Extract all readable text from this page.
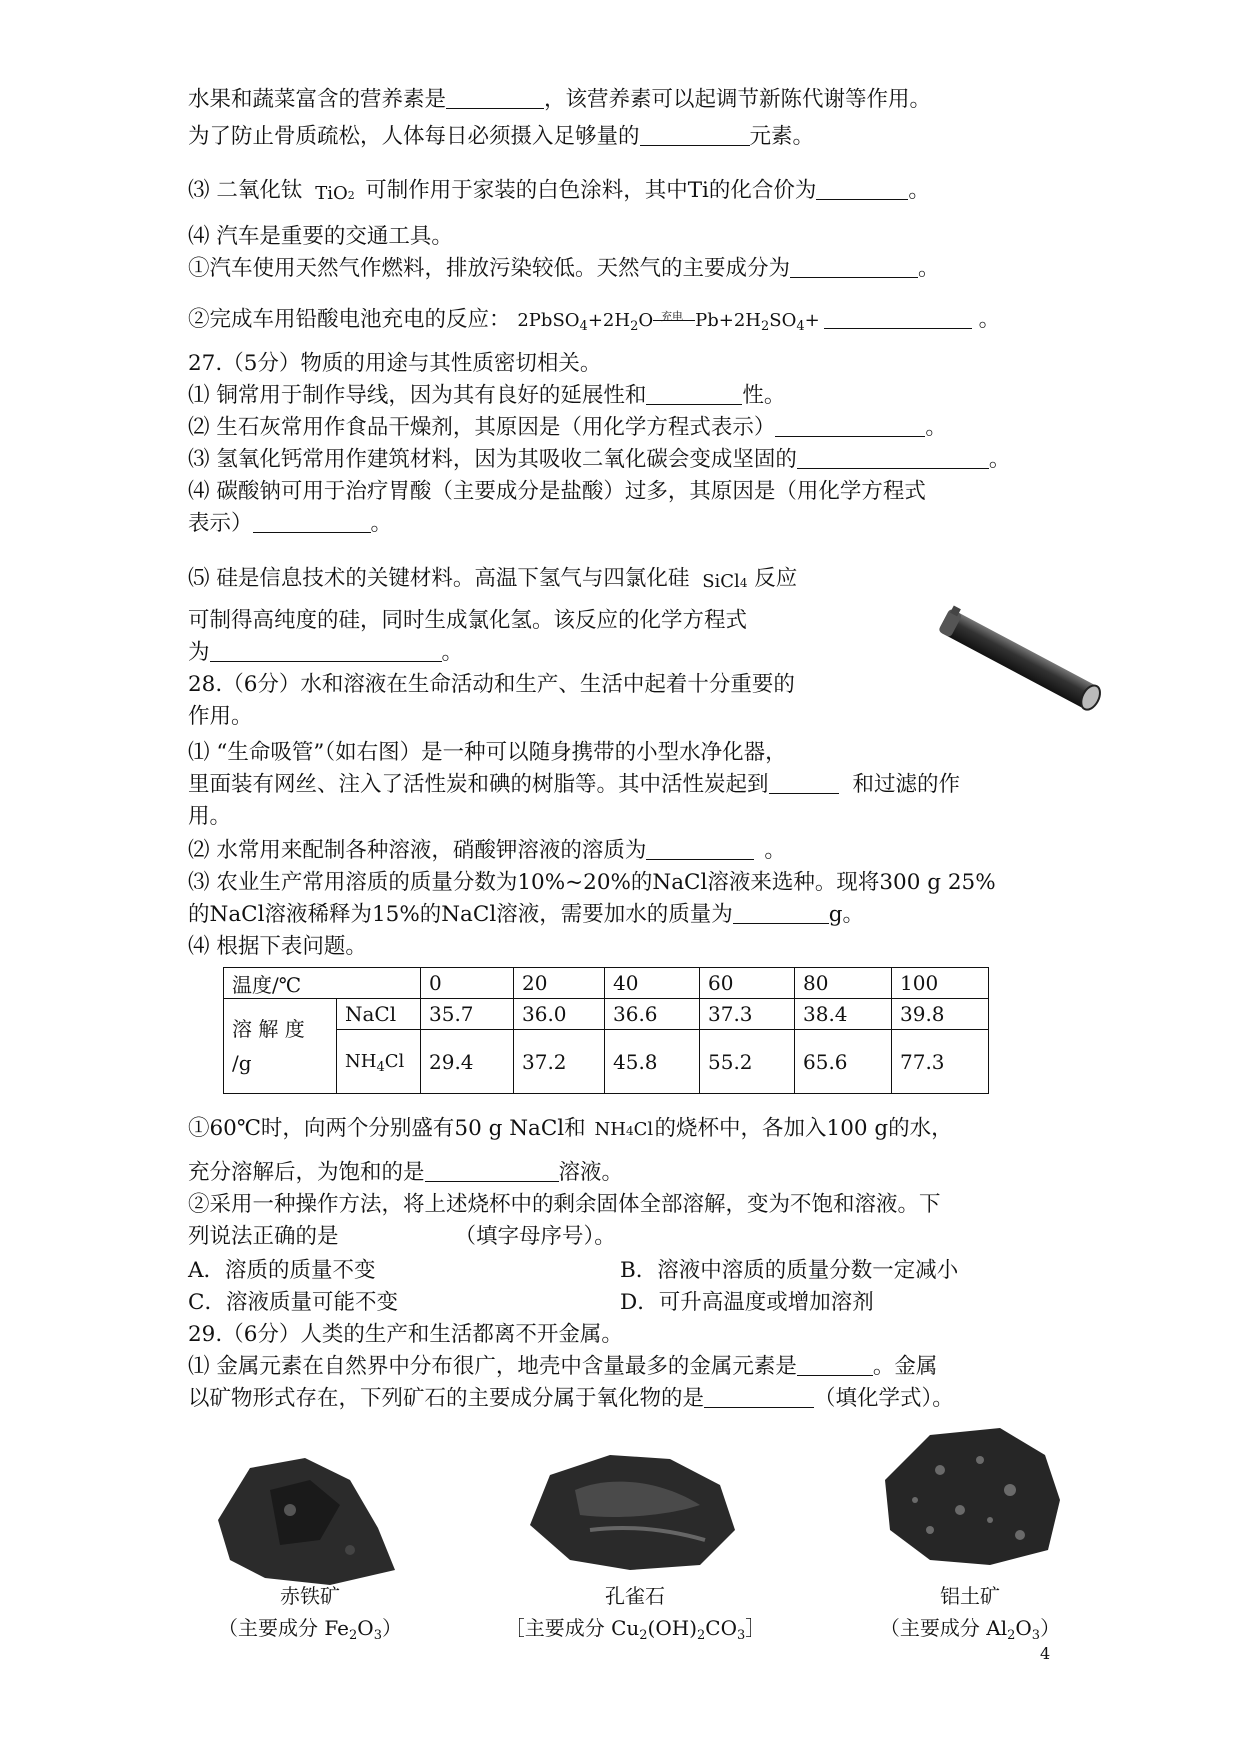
水果和蔬菜富含的营养素是	，该营养素可以起调节新陈代谢等作用。
为了防止骨质疏松，人体每日必须摄入足够量的	元素。
⑶ 二氧化钛 TiO2 可制作用于家装的白色涂料，其中Ti的化合价为	。
⑷ 汽车是重要的交通工具。
①汽车使用天然气作燃料，排放污染较低。天然气的主要成分为	。
②完成车用铅酸电池充电的反应： $2PbSO_4+2H_2O$ 充电 $Pb+2H_2SO_4+$	。
27.（5分）物质的用途与其性质密切相关。
⑴ 铜常用于制作导线，因为其有良好的延展性和	性。
⑵ 生石灰常用作食品干燥剂，其原因是（用化学方程式表示）	。
⑶ 氢氧化钙常用作建筑材料，因为其吸收二氧化碳会变成坚固的	。
⑷ 碳酸钠可用于治疗胃酸（主要成分是盐酸）过多，其原因是（用化学方程式
表示）	。
⑸ 硅是信息技术的关键材料。高温下氢气与四氯化硅 SiCl4 反应
可制得高纯度的硅，同时生成氯化氢。该反应的化学方程式
为	。
28.（6分）水和溶液在生命活动和生产、生活中起着十分重要的
作用。
⑴ “生命吸管”（如右图）是一种可以随身携带的小型水净化器，
里面装有网丝、注入了活性炭和碘的树脂等。其中活性炭起到	和过滤的作
用。
⑵ 水常用来配制各种溶液，硝酸钾溶液的溶质为	。
⑶ 农业生产常用溶质的质量分数为10%~20%的NaCl溶液来选种。现将300 g 25%
的NaCl溶液稀释为15%的NaCl溶液，需要加水的质量为	g。
⑷ 根据下表问题。
温度/℃		0	20	40	60	80	100
溶 解 度 /g	NaCl	35.7	36.0	36.6	37.3	38.4	39.8
	$NH_4Cl$	29.4	37.2	45.8	55.2	65.6	77.3
①60℃时，向两个分别盛有50 g NaCl和 NH4Cl 的烧杯中，各加入100 g的水，
充分溶解后，为饱和的是	溶液。
②采用一种操作方法，将上述烧杯中的剩余固体全部溶解，变为不饱和溶液。下
列说法正确的是	（填字母序号）。
A．溶质的质量不变	B．溶液中溶质的质量分数一定减小
C．溶液质量可能不变	D．可升高温度或增加溶剂
29.（6分）人类的生产和生活都离不开金属。
⑴ 金属元素在自然界中分布很广，地壳中含量最多的金属元素是	。金属
以矿物形式存在，下列矿石的主要成分属于氧化物的是	（填化学式）。
赤铁矿
（主要成分 $Fe_2O_3$）
孔雀石
［主要成分 $Cu_2(OH)_2CO_3]$
铝土矿
（主要成分 $Al_2O_3$）
4
